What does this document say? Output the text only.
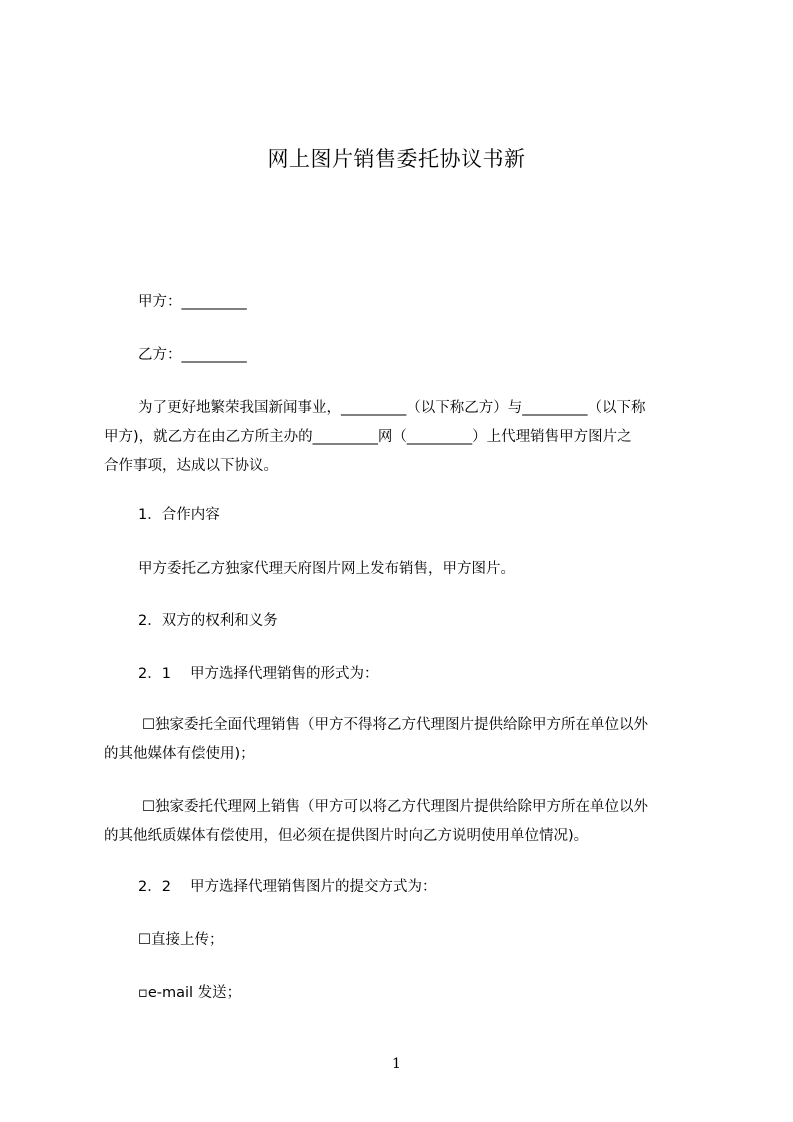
网上图片销售委托协议书新
甲方：_________
乙方：_________
为了更好地繁荣我国新闻事业，_________（以下称乙方）与_________（以下称
甲方)，就乙方在由乙方所主办的_________网（_________）上代理销售甲方图片之
合作事项，达成以下协议。
1．合作内容
甲方委托乙方独家代理天府图片网上发布销售，甲方图片。
2．双方的权利和义务
2．1　 甲方选择代理销售的形式为：
☐独家委托全面代理销售（甲方不得将乙方代理图片提供给除甲方所在单位以外
的其他媒体有偿使用)；
☐独家委托代理网上销售（甲方可以将乙方代理图片提供给除甲方所在单位以外
的其他纸质媒体有偿使用，但必须在提供图片时向乙方说明使用单位情况)。
2．2　 甲方选择代理销售图片的提交方式为：
☐直接上传；
▫e-mail 发送；
1
